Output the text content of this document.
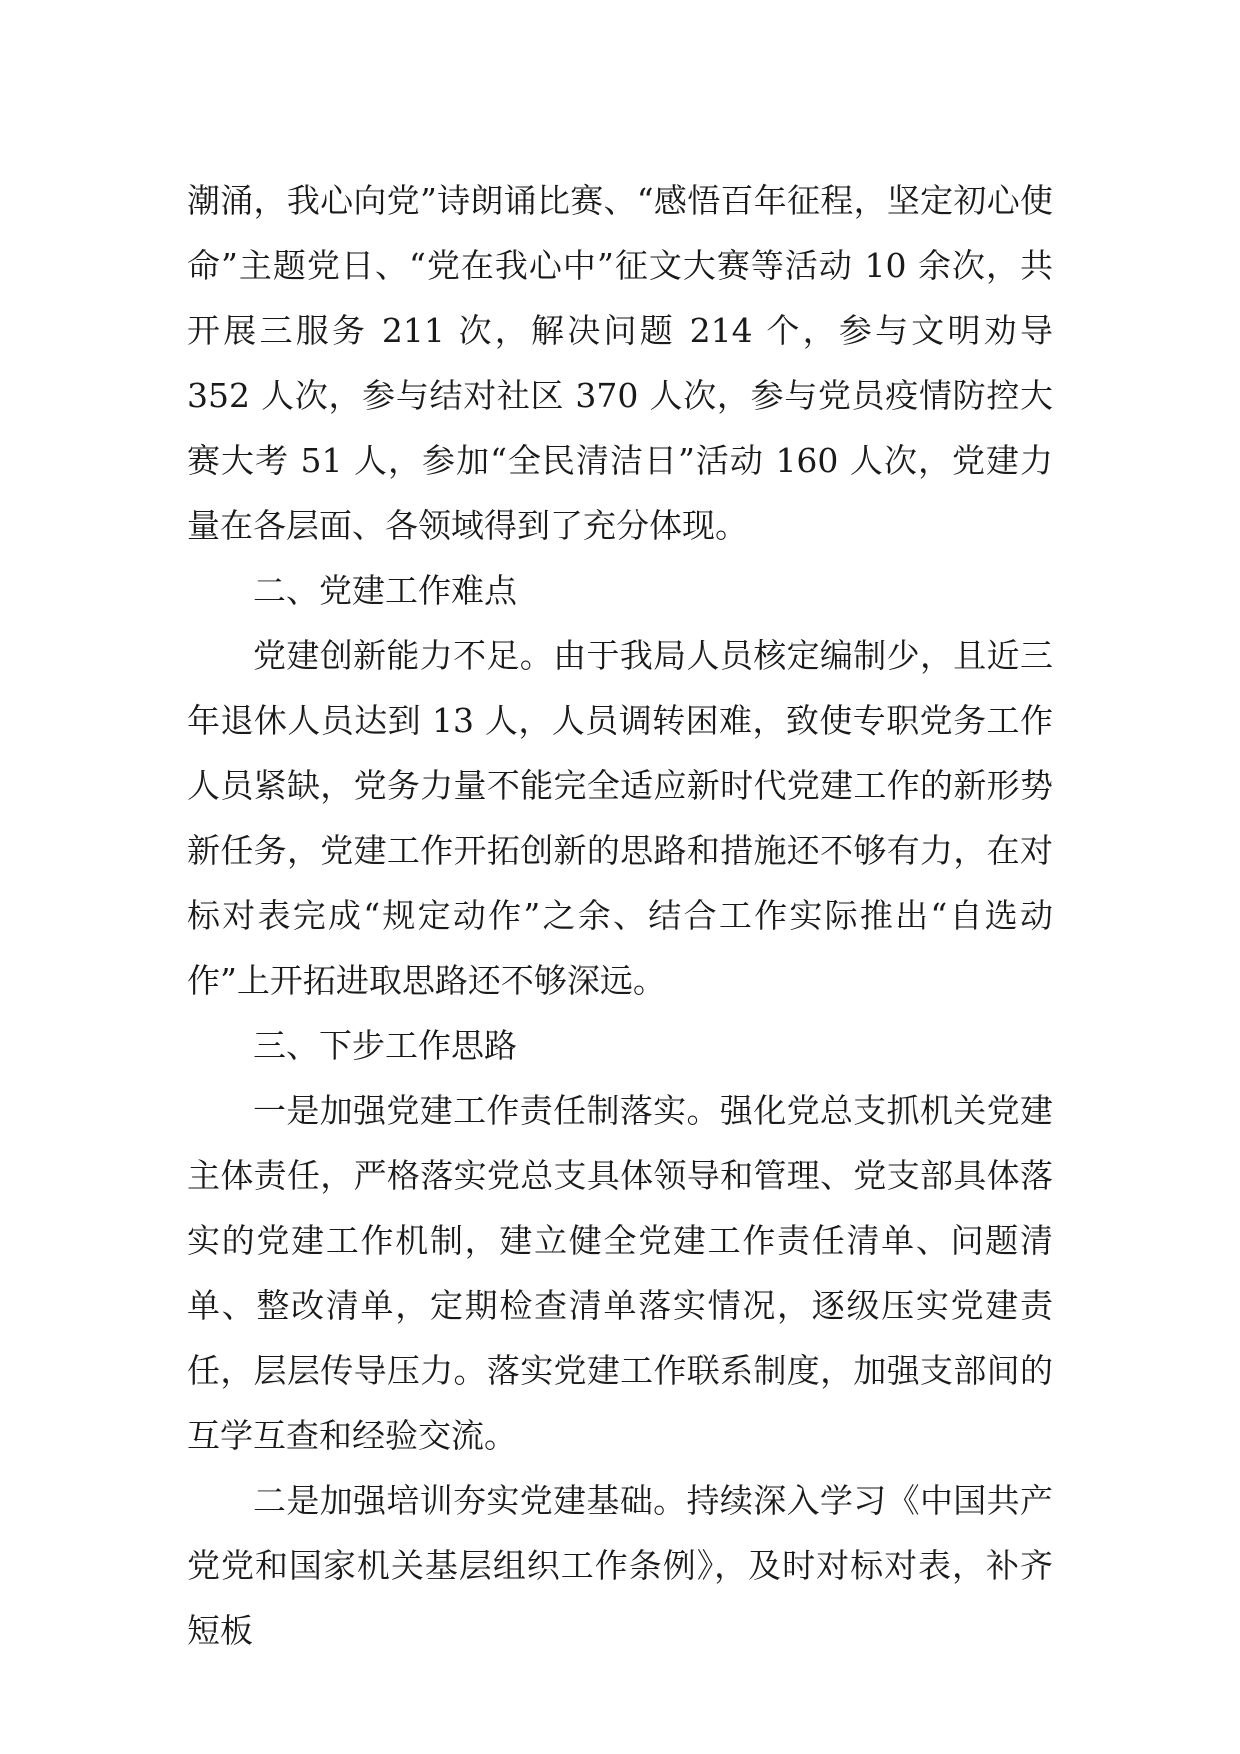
潮涌，我心向党”诗朗诵比赛、“感悟百年征程，坚定初心使命”主题党日、“党在我心中”征文大赛等活动 10 余次，共开展三服务 211 次，解决问题 214 个，参与文明劝导 352 人次，参与结对社区 370 人次，参与党员疫情防控大赛大考 51 人，参加“全民清洁日”活动 160 人次，党建力量在各层面、各领域得到了充分体现。

二、党建工作难点

党建创新能力不足。由于我局人员核定编制少，且近三年退休人员达到 13 人，人员调转困难，致使专职党务工作人员紧缺，党务力量不能完全适应新时代党建工作的新形势新任务，党建工作开拓创新的思路和措施还不够有力，在对标对表完成“规定动作”之余、结合工作实际推出“自选动作”上开拓进取思路还不够深远。

三、下步工作思路

一是加强党建工作责任制落实。强化党总支抓机关党建主体责任，严格落实党总支具体领导和管理、党支部具体落实的党建工作机制，建立健全党建工作责任清单、问题清单、整改清单，定期检查清单落实情况，逐级压实党建责任，层层传导压力。落实党建工作联系制度，加强支部间的互学互查和经验交流。

二是加强培训夯实党建基础。持续深入学习《中国共产党党和国家机关基层组织工作条例》，及时对标对表，补齐短板
